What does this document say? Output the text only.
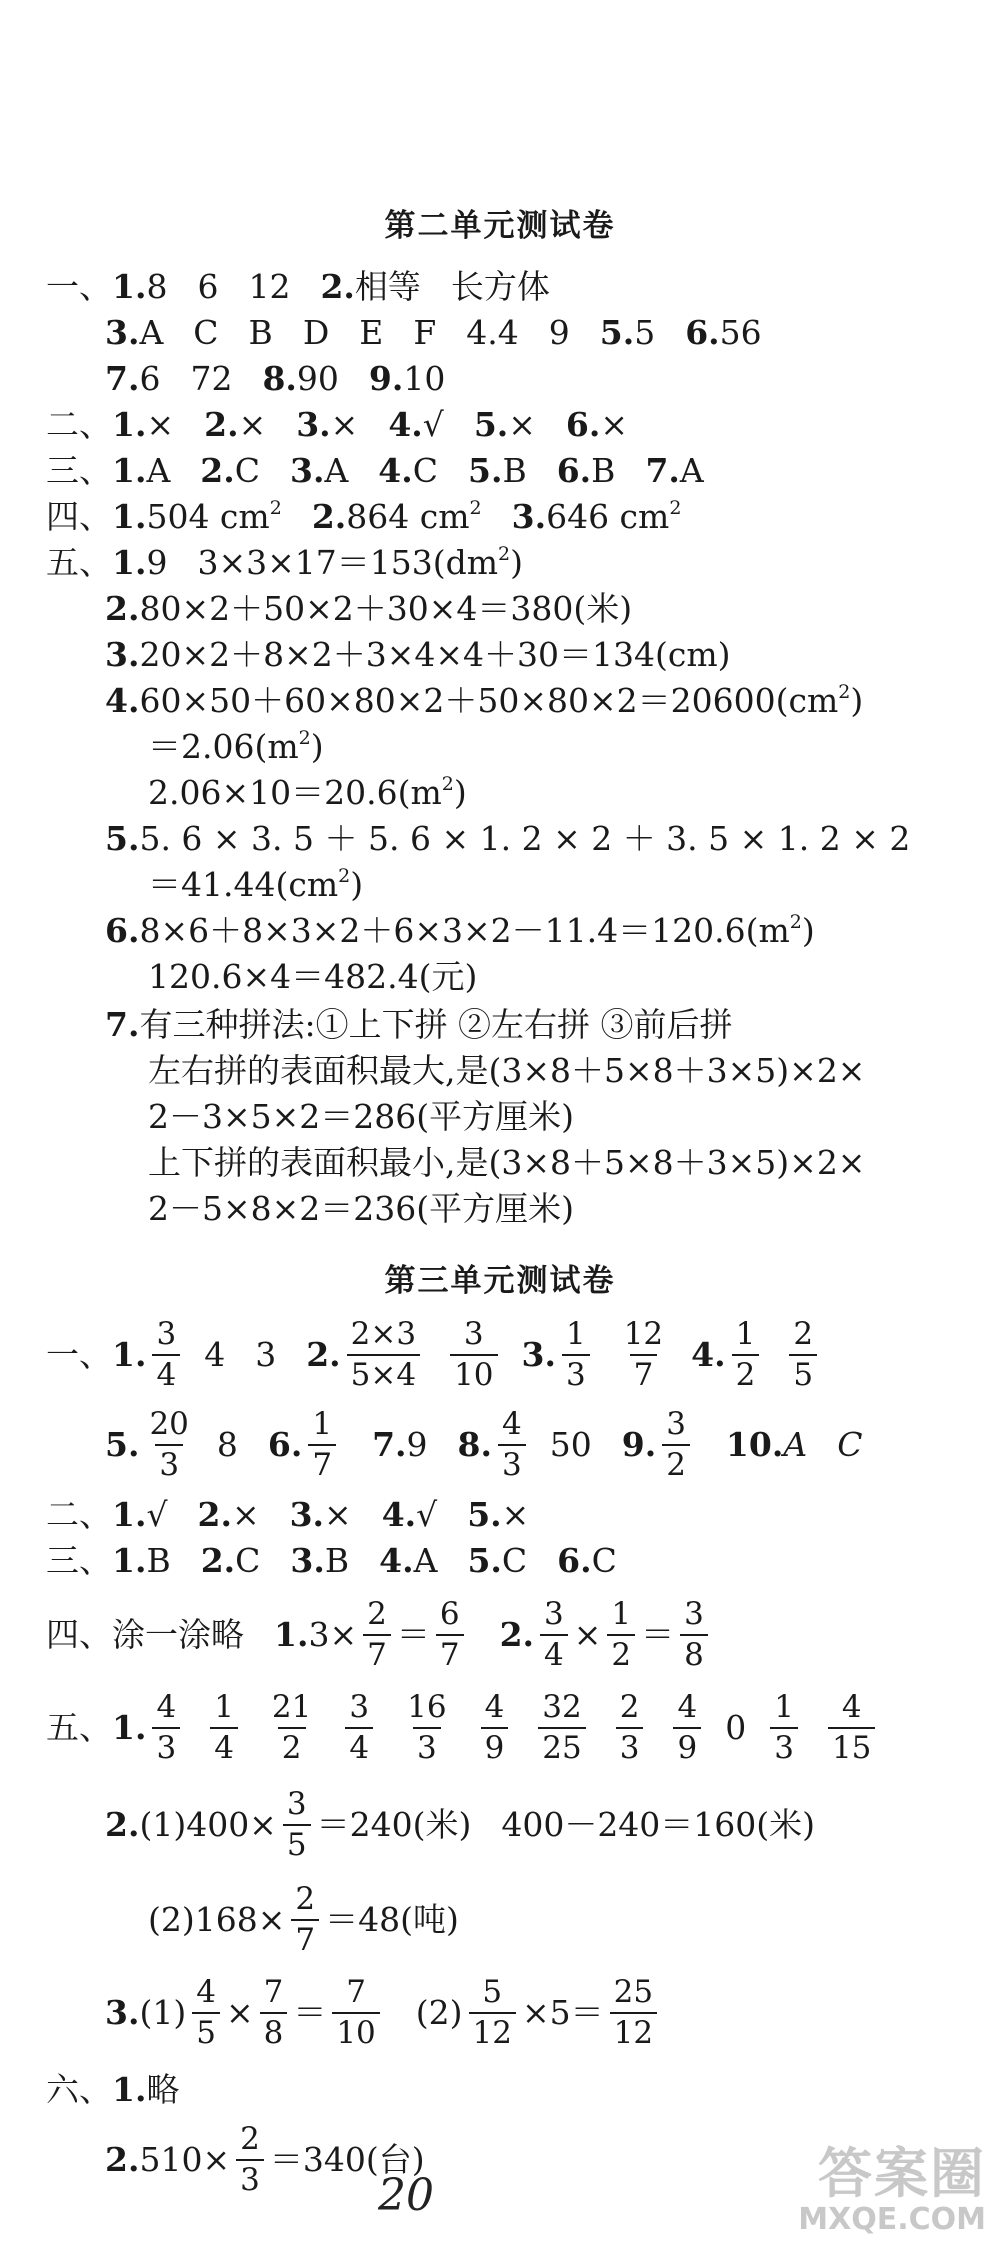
第二单元测试卷
一、1.8 6 12 2.相等 长方体
3.A C B D E F 4.4 9 5.5 6.56
7.6 72 8.90 9.10
二、1.× 2.× 3.× 4.√ 5.× 6.×
三、1.A 2.C 3.A 4.C 5.B 6.B 7.A
四、1.504 $cm^2$ 2.864 $cm^2$ 3.646 $cm^2$
五、1.9 $3\times 3\times 17=153(dm^2)$
2.80×2＋50×2＋30×4＝380(米)
3.20×2＋8×2＋3×4×4＋30＝134(cm)
$4.60\times 50+60\times 80\times 2+50\times 80\times 2=20600(cm^2)$
$=2.06(m^2)$
$2.06\times 10=20.6(m^2)$
5.5. 6 × 3. 5 ＋ 5. 6 × 1. 2 × 2 ＋ 3. 5 × 1. 2 × 2
$=41.44(cm^2)$
$6.8\times 6+8\times 3\times 2+6\times 3\times 2-11.4=120.6(m^2)$
120.6×4＝482.4(元)
7.有三种拼法:①上下拼 ②左右拼 ③前后拼
左右拼的表面积最大,是(3×8＋5×8＋3×5)×2×
2－3×5×2＝286(平方厘米)
上下拼的表面积最小,是(3×8＋5×8＋3×5)×2×
2－5×8×2＝236(平方厘米)
第三单元测试卷
一、 1.
3
4
4 3 2.
2×3
5×4
3
10
3.
1
3
12
7
4.
1
2
2
5
5.
20
3
8 6.
1
7
7. 9 8.
4
3
50 9.
3
2
10. A C
二、1.√ 2.× 3.× 4.√ 5.×
三、1.B 2.C 3.B 4.A 5.C 6.C
四、 涂一涂略 1. $3\times \frac{2}{7}$ ＝
6
7
2. $\frac{3}{4} \times \frac{1}{2}$ ＝
3
8
五、 1.
4
3
1
4
21
2
3
4
16
3
4
9
32
25
2
3
4
9
0
1
3
4
15
2. $(1)400\times \frac{3}{5} =240$(米) 400－240＝160(米)
$(2)168\times \frac{2}{7} =48$(吨)
3. $(1) \frac{4}{5} \times \frac{7}{8}$ ＝
7
10
$(2) \frac{5}{12} \times 5=$
25
12
六、1.略
2. $510\times \frac{2}{3} =340$(台)
20	答案圈
MXQE.COM
